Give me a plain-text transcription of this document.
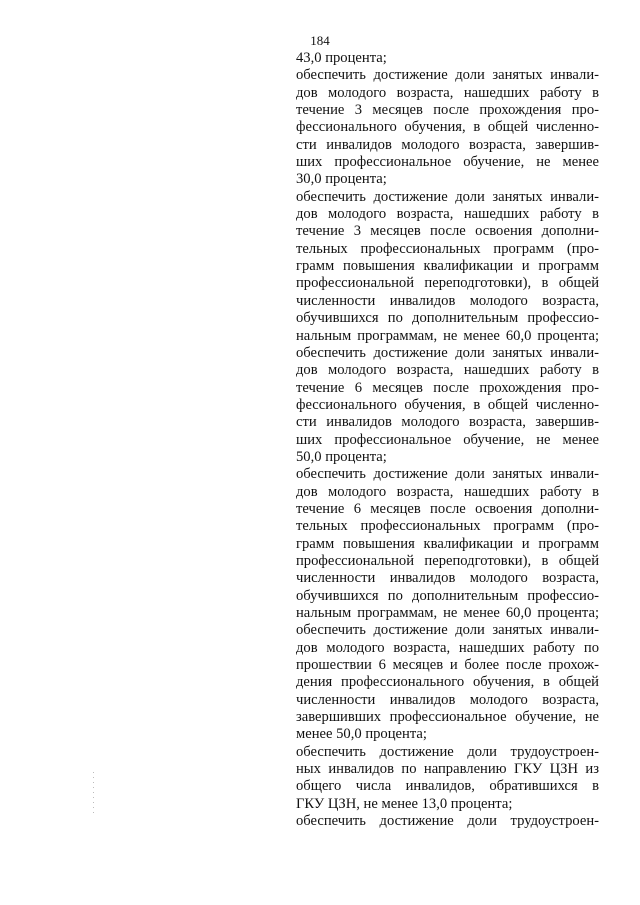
184
43,0 процента;
обеспечить достижение доли занятых инвали-
дов молодого возраста, нашедших работу в
течение 3 месяцев после прохождения про-
фессионального обучения, в общей численно-
сти инвалидов молодого возраста, завершив-
ших профессиональное обучение, не менее
30,0 процента;
обеспечить достижение доли занятых инвали-
дов молодого возраста, нашедших работу в
течение 3 месяцев после освоения дополни-
тельных профессиональных программ (про-
грамм повышения квалификации и программ
профессиональной переподготовки), в общей
численности инвалидов молодого возраста,
обучившихся по дополнительным профессио-
нальным программам, не менее 60,0 процента;
обеспечить достижение доли занятых инвали-
дов молодого возраста, нашедших работу в
течение 6 месяцев после прохождения про-
фессионального обучения, в общей численно-
сти инвалидов молодого возраста, завершив-
ших профессиональное обучение, не менее
50,0 процента;
обеспечить достижение доли занятых инвали-
дов молодого возраста, нашедших работу в
течение 6 месяцев после освоения дополни-
тельных профессиональных программ (про-
грамм повышения квалификации и программ
профессиональной переподготовки), в общей
численности инвалидов молодого возраста,
обучившихся по дополнительным профессио-
нальным программам, не менее 60,0 процента;
обеспечить достижение доли занятых инвали-
дов молодого возраста, нашедших работу по
прошествии 6 месяцев и более после прохож-
дения профессионального обучения, в общей
численности инвалидов молодого возраста,
завершивших профессиональное обучение, не
менее 50,0 процента;
обеспечить достижение доли трудоустроен-
ных инвалидов по направлению ГКУ ЦЗН из
общего числа инвалидов, обратившихся в
ГКУ ЦЗН, не менее 13,0 процента;
обеспечить достижение доли трудоустроен-
